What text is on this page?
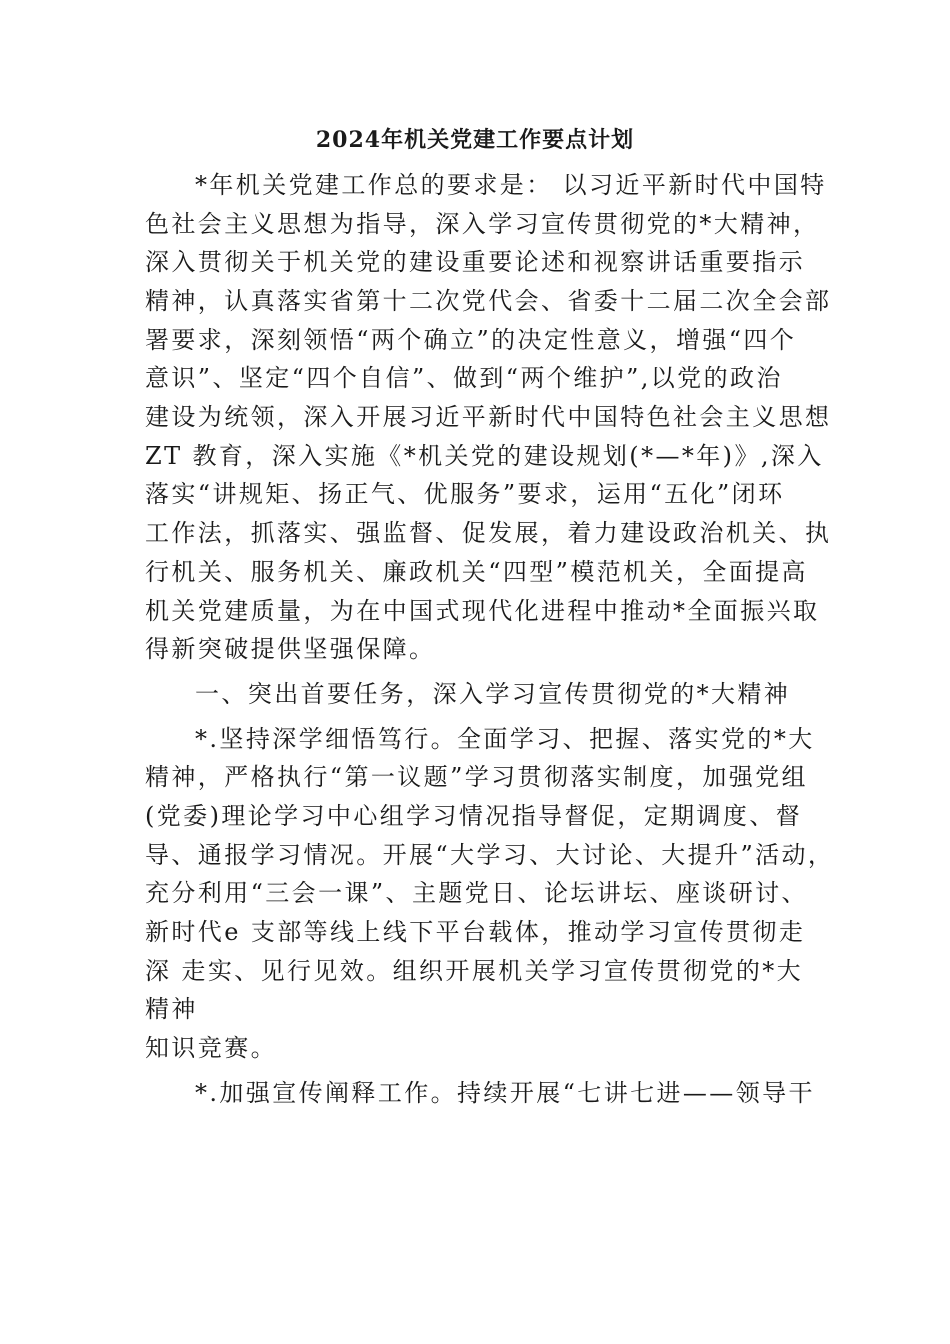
2024年机关党建工作要点计划
*年机关党建工作总的要求是： 以习近平新时代中国特
色社会主义思想为指导，深入学习宣传贯彻党的*大精神，
深入贯彻关于机关党的建设重要论述和视察讲话重要指示
精神，认真落实省第十二次党代会、省委十二届二次全会部
署要求，深刻领悟“两个确立”的决定性意义，增强“四个
意识”、坚定“四个自信”、做到“两个维护”,以党的政治
建设为统领，深入开展习近平新时代中国特色社会主义思想
ZT 教育，深入实施《*机关党的建设规划(*—*年)》,深入
落实“讲规矩、扬正气、优服务”要求，运用“五化”闭环
工作法，抓落实、强监督、促发展，着力建设政治机关、执
行机关、服务机关、廉政机关“四型”模范机关，全面提高
机关党建质量，为在中国式现代化进程中推动*全面振兴取
得新突破提供坚强保障。
一、突出首要任务，深入学习宣传贯彻党的*大精神
*.坚持深学细悟笃行。全面学习、把握、落实党的*大
精神，严格执行“第一议题”学习贯彻落实制度，加强党组
(党委)理论学习中心组学习情况指导督促，定期调度、督
导、通报学习情况。开展“大学习、大讨论、大提升”活动，
充分利用“三会一课”、主题党日、论坛讲坛、座谈研讨、
新时代e 支部等线上线下平台载体，推动学习宣传贯彻走
深 走实、见行见效。组织开展机关学习宣传贯彻党的*大
精神
知识竞赛。
*.加强宣传阐释工作。持续开展“七讲七进——领导干
